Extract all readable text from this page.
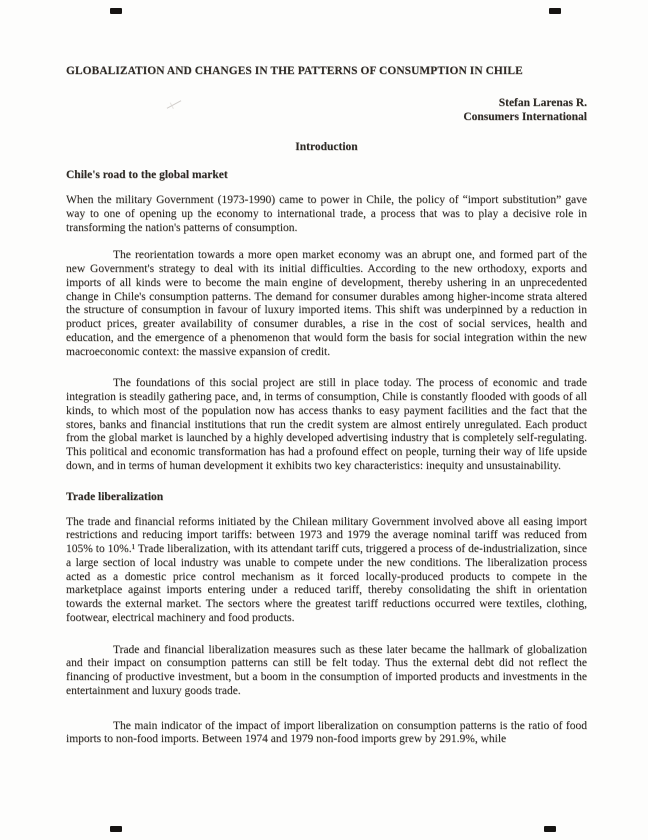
GLOBALIZATION AND CHANGES IN THE PATTERNS OF CONSUMPTION IN CHILE
Stefan Larenas R.
Consumers International
Introduction
Chile's road to the global market

When the military Government (1973-1990) came to power in Chile, the policy of “import substitution” gave way to one of opening up the economy to international trade, a process that was to play a decisive role in transforming the nation's patterns of consumption.

The reorientation towards a more open market economy was an abrupt one, and formed part of the new Government's strategy to deal with its initial difficulties. According to the new orthodoxy, exports and imports of all kinds were to become the main engine of development, thereby ushering in an unprecedented change in Chile's consumption patterns. The demand for consumer durables among higher-income strata altered the structure of consumption in favour of luxury imported items. This shift was underpinned by a reduction in product prices, greater availability of consumer durables, a rise in the cost of social services, health and education, and the emergence of a phenomenon that would form the basis for social integration within the new macroeconomic context: the massive expansion of credit.

The foundations of this social project are still in place today. The process of economic and trade integration is steadily gathering pace, and, in terms of consumption, Chile is constantly flooded with goods of all kinds, to which most of the population now has access thanks to easy payment facilities and the fact that the stores, banks and financial institutions that run the credit system are almost entirely unregulated. Each product from the global market is launched by a highly developed advertising industry that is completely self-regulating. This political and economic transformation has had a profound effect on people, turning their way of life upside down, and in terms of human development it exhibits two key characteristics: inequity and unsustainability.

Trade liberalization

The trade and financial reforms initiated by the Chilean military Government involved above all easing import restrictions and reducing import tariffs: between 1973 and 1979 the average nominal tariff was reduced from 105% to 10%.¹ Trade liberalization, with its attendant tariff cuts, triggered a process of de-industrialization, since a large section of local industry was unable to compete under the new conditions. The liberalization process acted as a domestic price control mechanism as it forced locally-produced products to compete in the marketplace against imports entering under a reduced tariff, thereby consolidating the shift in orientation towards the external market. The sectors where the greatest tariff reductions occurred were textiles, clothing, footwear, electrical machinery and food products.

Trade and financial liberalization measures such as these later became the hallmark of globalization and their impact on consumption patterns can still be felt today. Thus the external debt did not reflect the financing of productive investment, but a boom in the consumption of imported products and investments in the entertainment and luxury goods trade.

The main indicator of the impact of import liberalization on consumption patterns is the ratio of food imports to non-food imports. Between 1974 and 1979 non-food imports grew by 291.9%, while
